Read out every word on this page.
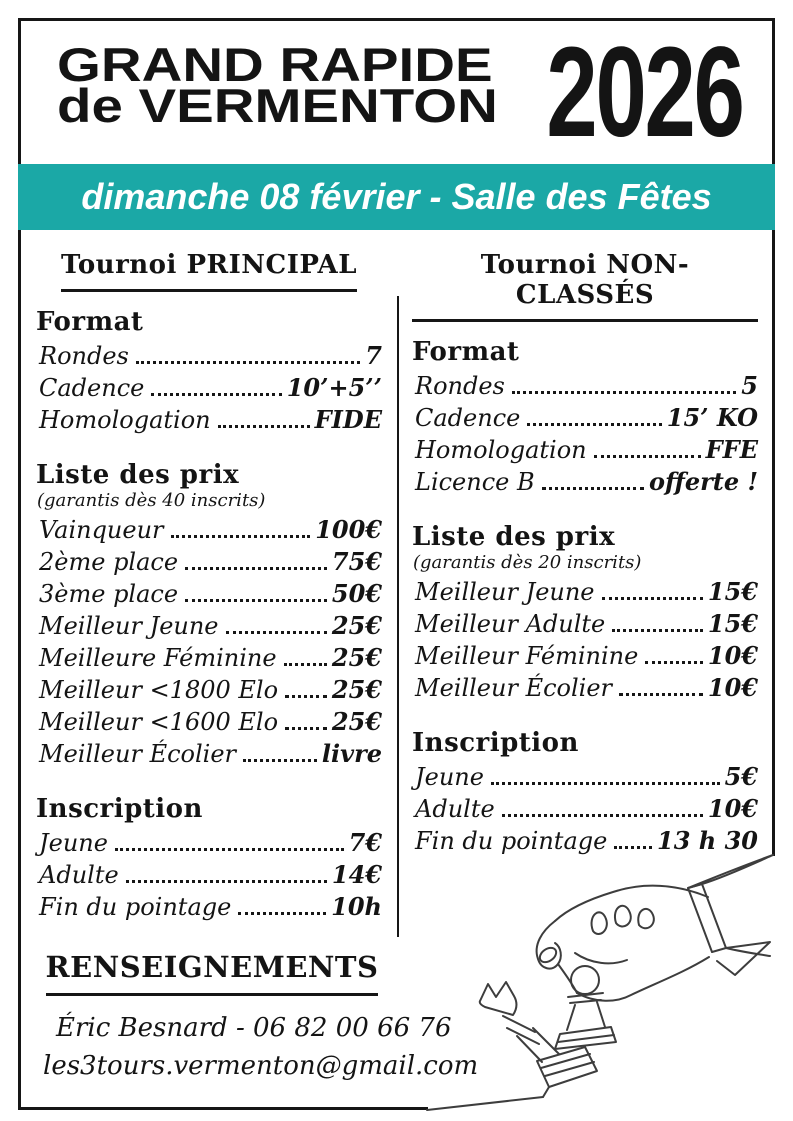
GRAND RAPIDE
de VERMENTON 2026
dimanche 08 février - Salle des Fêtes
Tournoi PRINCIPAL
Format
Rondes	7
Cadence	10’+5’’
Homologation	FIDE
Liste des prix
(garantis dès 40 inscrits)
Vainqueur	100€
2ème place	75€
3ème place	50€
Meilleur Jeune	25€
Meilleure Féminine 25€
Meilleur <1800 Elo 25€
Meilleur <1600 Elo 25€
Meilleur Écolier	livre
Inscription
Jeune	7€
Adulte	14€
Fin du pointage	10h
Tournoi NON-CLASSÉS
Format
Rondes	5
Cadence	15’ KO
Homologation	FFE
Licence B	offerte !
Liste des prix
(garantis dès 20 inscrits)
Meilleur Jeune	15€
Meilleur Adulte	15€
Meilleur Féminine	10€
Meilleur Écolier	10€
Inscription
Jeune	5€
Adulte	10€
Fin du pointage 13 h 30
RENSEIGNEMENTS
Éric Besnard - 06 82 00 66 76
les3tours.vermenton@gmail.com
